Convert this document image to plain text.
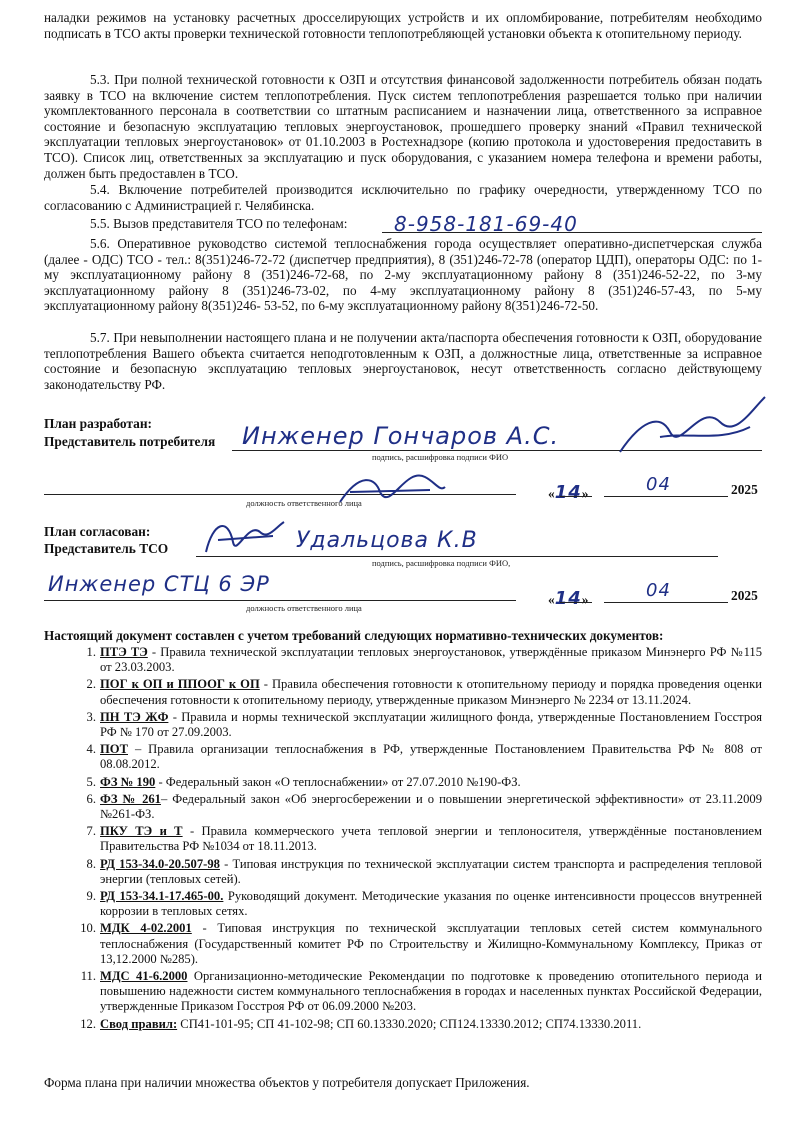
наладки режимов на установку расчетных дросселирующих устройств и их опломбирование, потребителям необходимо подписать в ТСО акты проверки технической готовности теплопотребляющей установки объекта к отопительному периоду.
5.3. При полной технической готовности к ОЗП и отсутствия финансовой задолженности потребитель обязан подать заявку в ТСО на включение систем теплопотребления. Пуск систем теплопотребления разрешается только при наличии укомплектованного персонала в соответствии со штатным расписанием и назначении лица, ответственного за исправное состояние и безопасную эксплуатацию тепловых энергоустановок, прошедшего проверку знаний «Правил технической эксплуатации тепловых энергоустановок» от 01.10.2003 в Ростехнадзоре (копию протокола и удостоверения предоставить в ТСО). Список лиц, ответственных за эксплуатацию и пуск оборудования, с указанием номера телефона и времени работы, должен быть предоставлен в ТСО.
5.4. Включение потребителей производится исключительно по графику очередности, утвержденному ТСО по согласованию с Администрацией г. Челябинска.
5.5. Вызов представителя ТСО по телефонам:	8-958-181-69-40
5.6. Оперативное руководство системой теплоснабжения города осуществляет оперативно-диспетчерская служба (далее - ОДС) ТСО - тел.: 8(351)246-72-72 (диспетчер предприятия), 8 (351)246-72-78 (оператор ЦДП), операторы ОДС: по 1-му эксплуатационному району 8 (351)246-72-68, по 2-му эксплуатационному району 8 (351)246-52-22, по 3-му эксплуатационному району 8 (351)246-73-02, по 4-му эксплуатационному району 8 (351)246-57-43, по 5-му эксплуатационному району 8(351)246- 53-52, по 6-му эксплуатационному району 8(351)246-72-50.
5.7. При невыполнении настоящего плана и не получении акта/паспорта обеспечения готовности к ОЗП, оборудование теплопотребления Вашего объекта считается неподготовленным к ОЗП, а должностные лица, ответственные за исправное состояние и безопасную эксплуатацию тепловых энергоустановок, несут ответственность согласно действующему законодательству РФ.
План разработан:
Представитель потребителя Инженер Гончаров А.С.
подпись, расшифровка подписи ФИО
должность ответственного лица
«14»	04	2025
План согласован:
Представитель ТСО	Удальцова К.В
подпись, расшифровка подписи ФИО,
Инженер СТЦ 6 ЭР
должность ответственного лица
«14»	04	2025
Настоящий документ составлен с учетом требований следующих нормативно-технических документов:
1. ПТЭ ТЭ - Правила технической эксплуатации тепловых энергоустановок, утверждённые приказом Минэнерго РФ №115 от 23.03.2003.
2. ПОГ к ОП и ППООГ к ОП - Правила обеспечения готовности к отопительному периоду и порядка проведения оценки обеспечения готовности к отопительному периоду, утвержденные приказом Минэнерго № 2234 от 13.11.2024.
3. ПН ТЭ ЖФ - Правила и нормы технической эксплуатации жилищного фонда, утвержденные Постановлением Госстроя РФ № 170 от 27.09.2003.
4. ПОТ – Правила организации теплоснабжения в РФ, утвержденные Постановлением Правительства РФ № 808 от 08.08.2012.
5. ФЗ № 190 - Федеральный закон «О теплоснабжении» от 27.07.2010 №190-ФЗ.
6. ФЗ № 261– Федеральный закон «Об энергосбережении и о повышении энергетической эффективности» от 23.11.2009 №261-ФЗ.
7. ПКУ ТЭ и Т - Правила коммерческого учета тепловой энергии и теплоносителя, утверждённые постановлением Правительства РФ №1034 от 18.11.2013.
8. РД 153-34.0-20.507-98 - Типовая инструкция по технической эксплуатации систем транспорта и распределения тепловой энергии (тепловых сетей).
9. РД 153-34.1-17.465-00. Руководящий документ. Методические указания по оценке интенсивности процессов внутренней коррозии в тепловых сетях.
10. МДК 4-02.2001 - Типовая инструкция по технической эксплуатации тепловых сетей систем коммунального теплоснабжения (Государственный комитет РФ по Строительству и Жилищно-Коммунальному Комплексу, Приказ от 13,12.2000 №285).
11. МДС 41-6.2000 Организационно-методические Рекомендации по подготовке к проведению отопительного периода и повышению надежности систем коммунального теплоснабжения в городах и населенных пунктах Российской Федерации, утвержденные Приказом Госстроя РФ от 06.09.2000 №203.
12. Свод правил: СП41-101-95; СП 41-102-98; СП 60.13330.2020; СП124.13330.2012; СП74.13330.2011.
Форма плана при наличии множества объектов у потребителя допускает Приложения.
